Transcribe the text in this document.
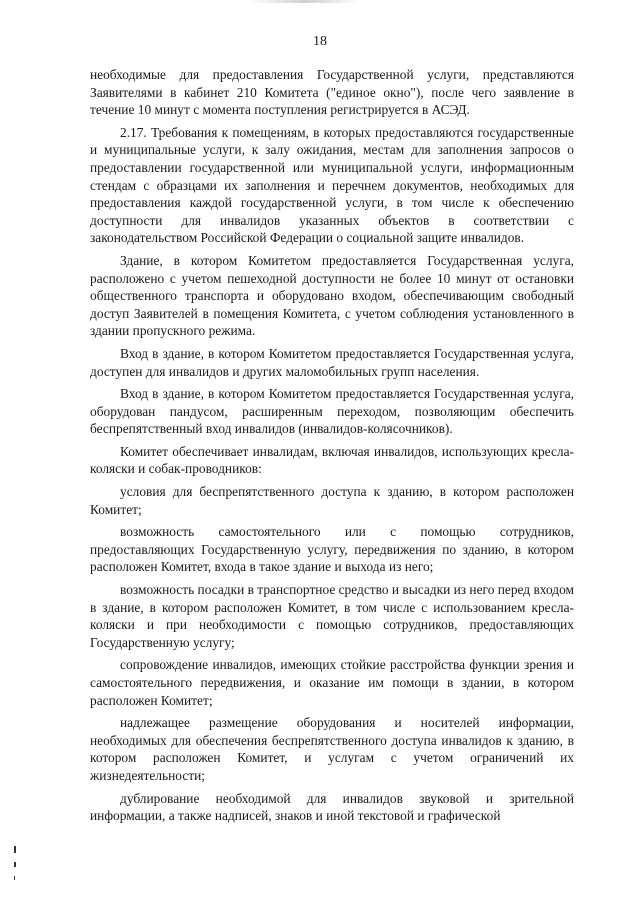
18

необходимые для предоставления Государственной услуги, представляются Заявителями в кабинет 210 Комитета ("единое окно"), после чего заявление в течение 10 минут с момента поступления регистрируется в АСЭД.

2.17. Требования к помещениям, в которых предоставляются государственные и муниципальные услуги, к залу ожидания, местам для заполнения запросов о предоставлении государственной или муниципальной услуги, информационным стендам с образцами их заполнения и перечнем документов, необходимых для предоставления каждой государственной услуги, в том числе к обеспечению доступности для инвалидов указанных объектов в соответствии с законодательством Российской Федерации о социальной защите инвалидов.

Здание, в котором Комитетом предоставляется Государственная услуга, расположено с учетом пешеходной доступности не более 10 минут от остановки общественного транспорта и оборудовано входом, обеспечивающим свободный доступ Заявителей в помещения Комитета, с учетом соблюдения установленного в здании пропускного режима.

Вход в здание, в котором Комитетом предоставляется Государственная услуга, доступен для инвалидов и других маломобильных групп населения.

Вход в здание, в котором Комитетом предоставляется Государственная услуга, оборудован пандусом, расширенным переходом, позволяющим обеспечить беспрепятственный вход инвалидов (инвалидов-колясочников).

Комитет обеспечивает инвалидам, включая инвалидов, использующих кресла-коляски и собак-проводников:

условия для беспрепятственного доступа к зданию, в котором расположен Комитет;

возможность самостоятельного или с помощью сотрудников, предоставляющих Государственную услугу, передвижения по зданию, в котором расположен Комитет, входа в такое здание и выхода из него;

возможность посадки в транспортное средство и высадки из него перед входом в здание, в котором расположен Комитет, в том числе с использованием кресла-коляски и при необходимости с помощью сотрудников, предоставляющих Государственную услугу;

сопровождение инвалидов, имеющих стойкие расстройства функции зрения и самостоятельного передвижения, и оказание им помощи в здании, в котором расположен Комитет;

надлежащее размещение оборудования и носителей информации, необходимых для обеспечения беспрепятственного доступа инвалидов к зданию, в котором расположен Комитет, и услугам с учетом ограничений их жизнедеятельности;

дублирование необходимой для инвалидов звуковой и зрительной информации, а также надписей, знаков и иной текстовой и графической
